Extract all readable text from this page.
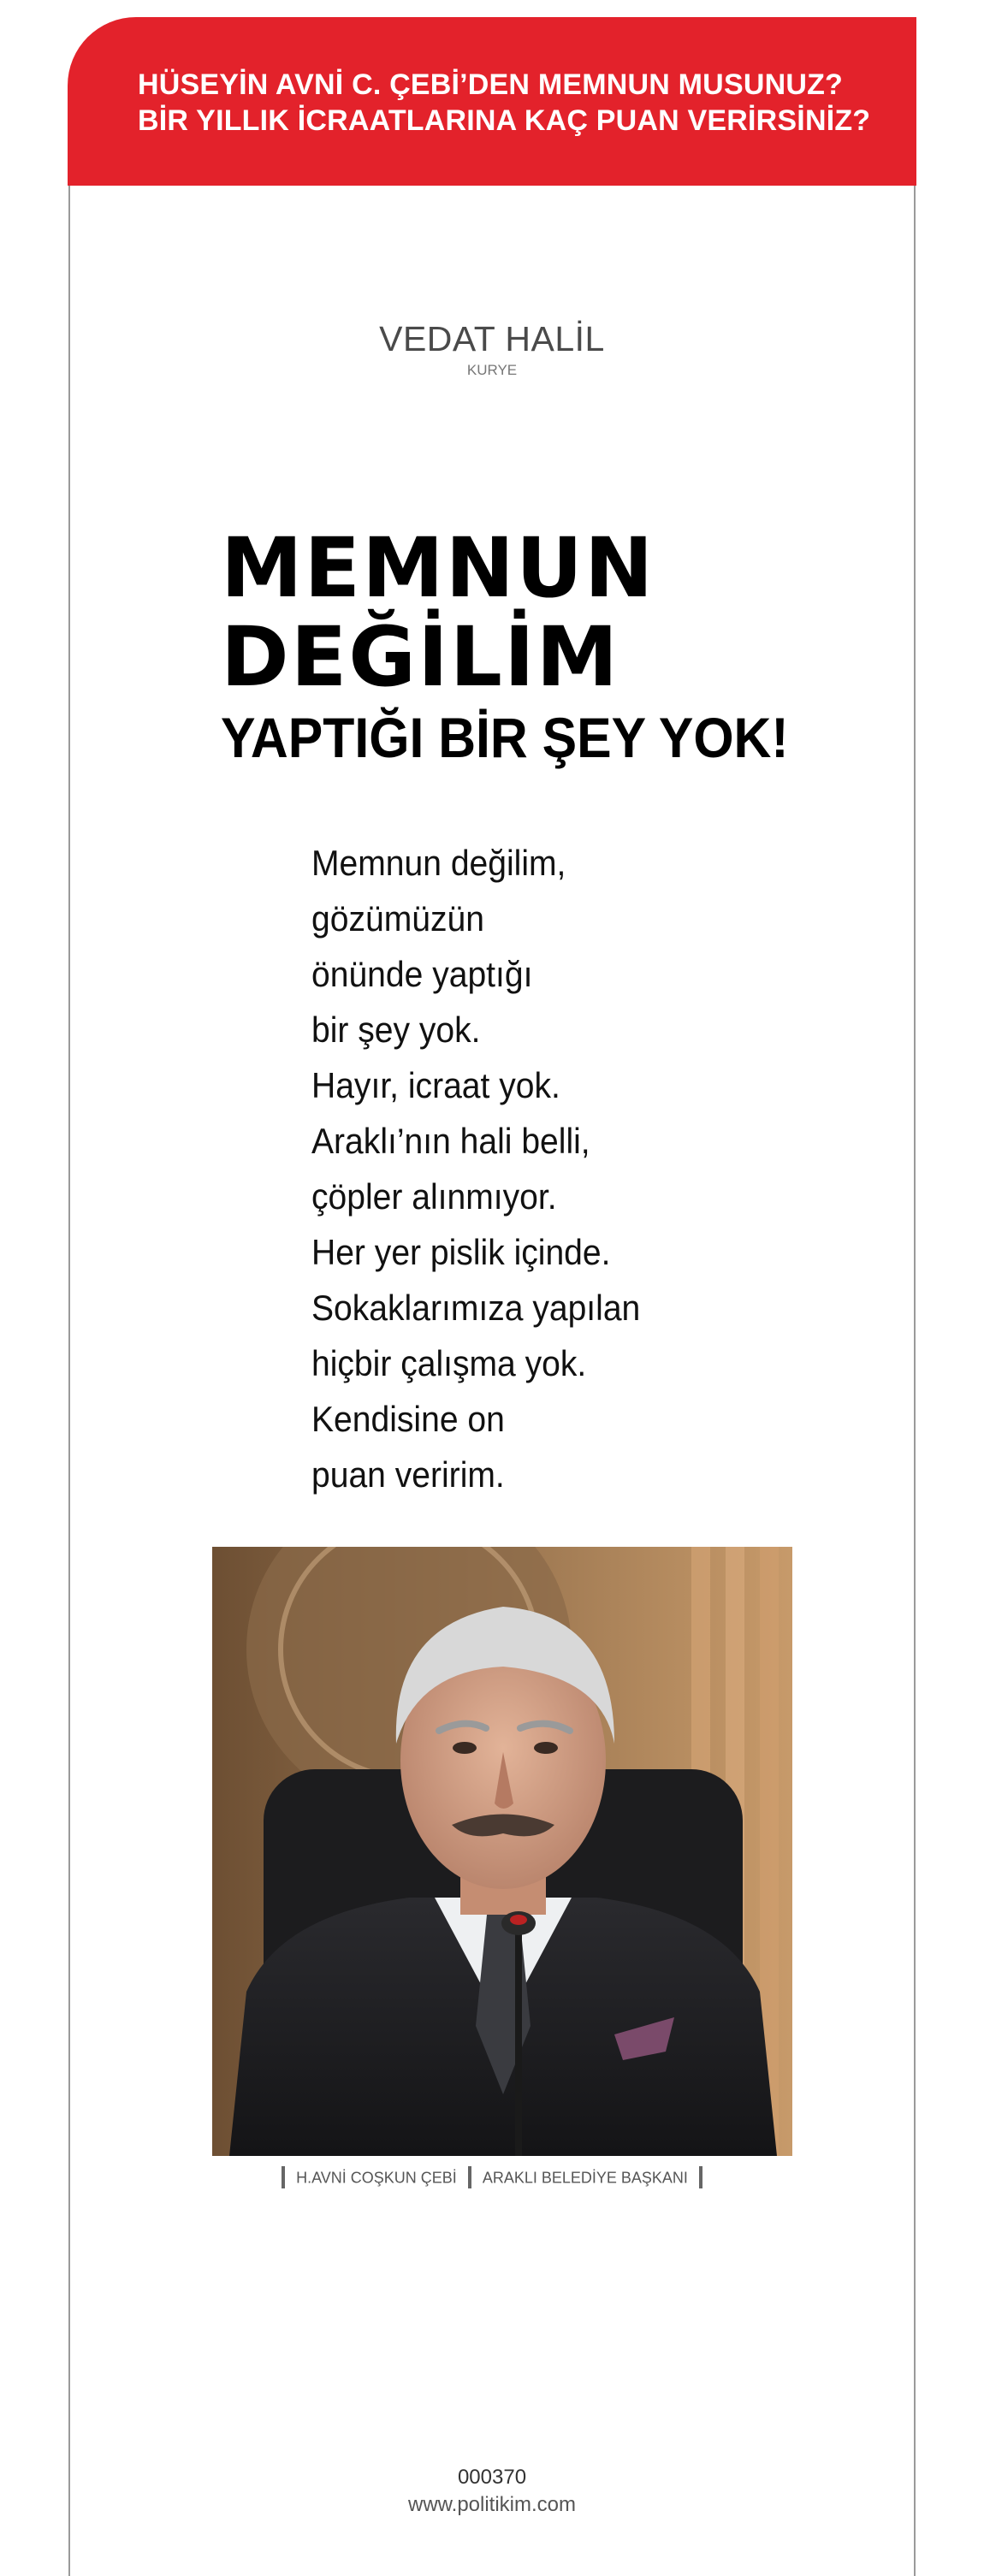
HÜSEYİN AVNİ C. ÇEBİ’DEN MEMNUN MUSUNUZ?
BİR YILLIK İCRAATLARINA KAÇ PUAN VERİRSİNİZ?
VEDAT HALİL
KURYE
MEMNUN
DEĞİLİM
YAPTIĞI BİR ŞEY YOK!
Memnun değilim,
gözümüzün
önünde yaptığı
bir şey yok.
Hayır, icraat yok.
Araklı’nın hali belli,
çöpler alınmıyor.
Her yer pislik içinde.
Sokaklarımıza yapılan
hiçbir çalışma yok.
Kendisine on
puan veririm.
H.AVNİ COŞKUN ÇEBİ ARAKLI BELEDİYE BAŞKANI
000370
www.politikim.com
